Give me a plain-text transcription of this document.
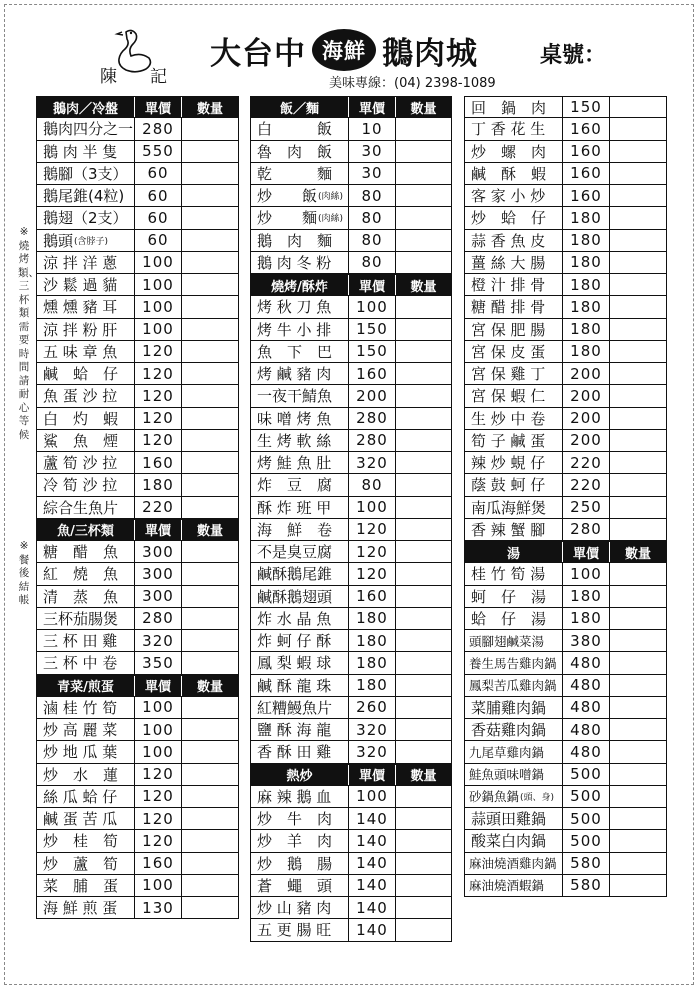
陳 記
大台中 海鮮 鵝肉城	桌號：
美味專線：(04) 2398-1089
※燒烤類、三杯類需要時間請耐心等候
※餐後結帳
鵝肉／冷盤	單價	數量
鵝肉四分之一 280
鵝 肉 半 隻	550
鵝腳（3支）	60
鵝尾錐(4粒)	60
鵝翅（2支）	60
鵝頭 (含脖子)	60
涼 拌 洋 蔥	100
沙 鬆 過 貓	100
燻 燻 豬 耳	100
涼 拌 粉 肝	100
五 味 章 魚	120
鹹　蛤　仔	120
魚 蛋 沙 拉	120
白　灼　蝦	120
鯊　魚　煙	120
蘆 筍 沙 拉	160
冷 筍 沙 拉	180
綜合生魚片	220
魚/三杯類	單價	數量
糖　醋　魚	300
紅　燒　魚	300
清　蒸　魚	300
三杯茄腸煲	280
三 杯 田 雞	320
三 杯 中 卷	350
青菜/煎蛋	單價	數量
滷 桂 竹 筍	100
炒 高 麗 菜	100
炒 地 瓜 葉	100
炒　水　蓮	120
絲 瓜 蛤 仔	120
鹹 蛋 苦 瓜	120
炒　桂　筍	120
炒　蘆　筍	160
菜　脯　蛋	100
海 鮮 煎 蛋	130
飯／麵	單價	數量
白　　　飯	10
魯　肉　飯	30
乾　　　麵	30
炒　　飯 (肉絲)	80
炒　　麵 (肉絲)	80
鵝　肉　麵	80
鵝 肉 冬 粉	80
燒烤/酥炸	單價	數量
烤 秋 刀 魚	100
烤 牛 小 排	150
魚　下　巴	150
烤 鹹 豬 肉	160
一夜干鯖魚	200
味 噌 烤 魚	280
生 烤 軟 絲	280
烤 鮭 魚 肚	320
炸　豆　腐	80
酥 炸 班 甲	100
海　鮮　卷	120
不是臭豆腐	120
鹹酥鵝尾錐	120
鹹酥鵝翅頭	160
炸 水 晶 魚	180
炸 蚵 仔 酥	180
鳳 梨 蝦 球	180
鹹 酥 龍 珠	180
紅糟鰻魚片	260
鹽 酥 海 龍	320
香 酥 田 雞	320
熱炒	單價	數量
麻 辣 鵝 血	100
炒　牛　肉	140
炒　羊　肉	140
炒　鵝　腸	140
蒼　蠅　頭	140
炒 山 豬 肉	140
五 更 腸 旺	140
回　鍋　肉	150
丁 香 花 生	160
炒　螺　肉	160
鹹　酥　蝦	160
客 家 小 炒	160
炒　蛤　仔	180
蒜 香 魚 皮	180
薑 絲 大 腸	180
橙 汁 排 骨	180
糖 醋 排 骨	180
宮 保 肥 腸	180
宮 保 皮 蛋	180
宮 保 雞 丁	200
宮 保 蝦 仁	200
生 炒 中 卷	200
筍 子 鹹 蛋	200
辣 炒 蜆 仔	220
蔭 鼓 蚵 仔	220
南瓜海鮮煲	250
香 辣 蟹 腳	280
湯	單價	數量
桂 竹 筍 湯	100
蚵　仔　湯	180
蛤　仔　湯	180
頭腳翅鹹菜湯	380
養生馬告雞肉鍋 480
鳳梨苦瓜雞肉鍋 480
菜脯雞肉鍋	480
香菇雞肉鍋	480
九尾草雞肉鍋	480
鮭魚頭味噌鍋	500
砂鍋魚鍋 (頭、身)	500
蒜頭田雞鍋	500
酸菜白肉鍋	500
麻油燒酒雞肉鍋 580
麻油燒酒蝦鍋	580
